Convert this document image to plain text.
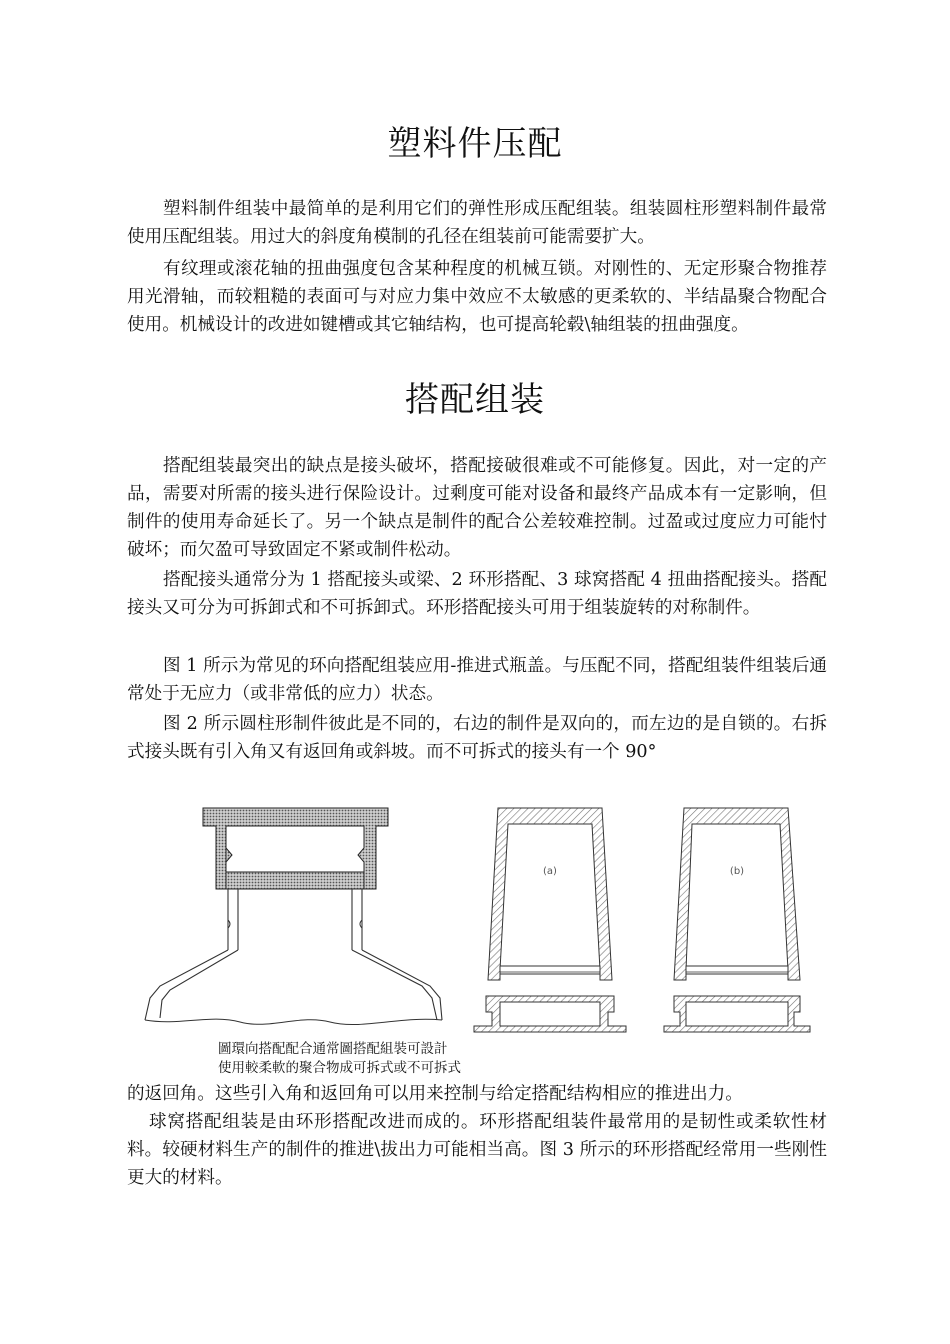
塑料件压配

塑料制件组装中最简单的是利用它们的弹性形成压配组装。组装圆柱形塑料制件最常使用压配组装。用过大的斜度角模制的孔径在组装前可能需要扩大。

有纹理或滚花轴的扭曲强度包含某种程度的机械互锁。对刚性的、无定形聚合物推荐用光滑轴，而较粗糙的表面可与对应力集中效应不太敏感的更柔软的、半结晶聚合物配合使用。机械设计的改进如键槽或其它轴结构，也可提高轮毂\轴组装的扭曲强度。

搭配组装

搭配组装最突出的缺点是接头破坏，搭配接破很难或不可能修复。因此，对一定的产品，需要对所需的接头进行保险设计。过剩度可能对设备和最终产品成本有一定影响，但制件的使用寿命延长了。另一个缺点是制件的配合公差较难控制。过盈或过度应力可能忖破坏；而欠盈可导致固定不紧或制件松动。

搭配接头通常分为 1 搭配接头或梁、2 环形搭配、3 球窝搭配 4 扭曲搭配接头。搭配接头又可分为可拆卸式和不可拆卸式。环形搭配接头可用于组装旋转的对称制件。

图 1 所示为常见的环向搭配组装应用-推进式瓶盖。与压配不同，搭配组装件组装后通常处于无应力（或非常低的应力）状态。

图 2 所示圆柱形制件彼此是不同的，右边的制件是双向的，而左边的是自锁的。右拆式接头既有引入角又有返回角或斜坡。而不可拆式的接头有一个 90°

(a)	(b)
圖環向搭配配合通常圖搭配組裝可設計
使用較柔軟的聚合物成可拆式或不可拆式

的返回角。这些引入角和返回角可以用来控制与给定搭配结构相应的推进出力。

球窝搭配组装是由环形搭配改进而成的。环形搭配组装件最常用的是韧性或柔软性材料。较硬材料生产的制件的推进\拔出力可能相当高。图 3 所示的环形搭配经常用一些刚性更大的材料。
